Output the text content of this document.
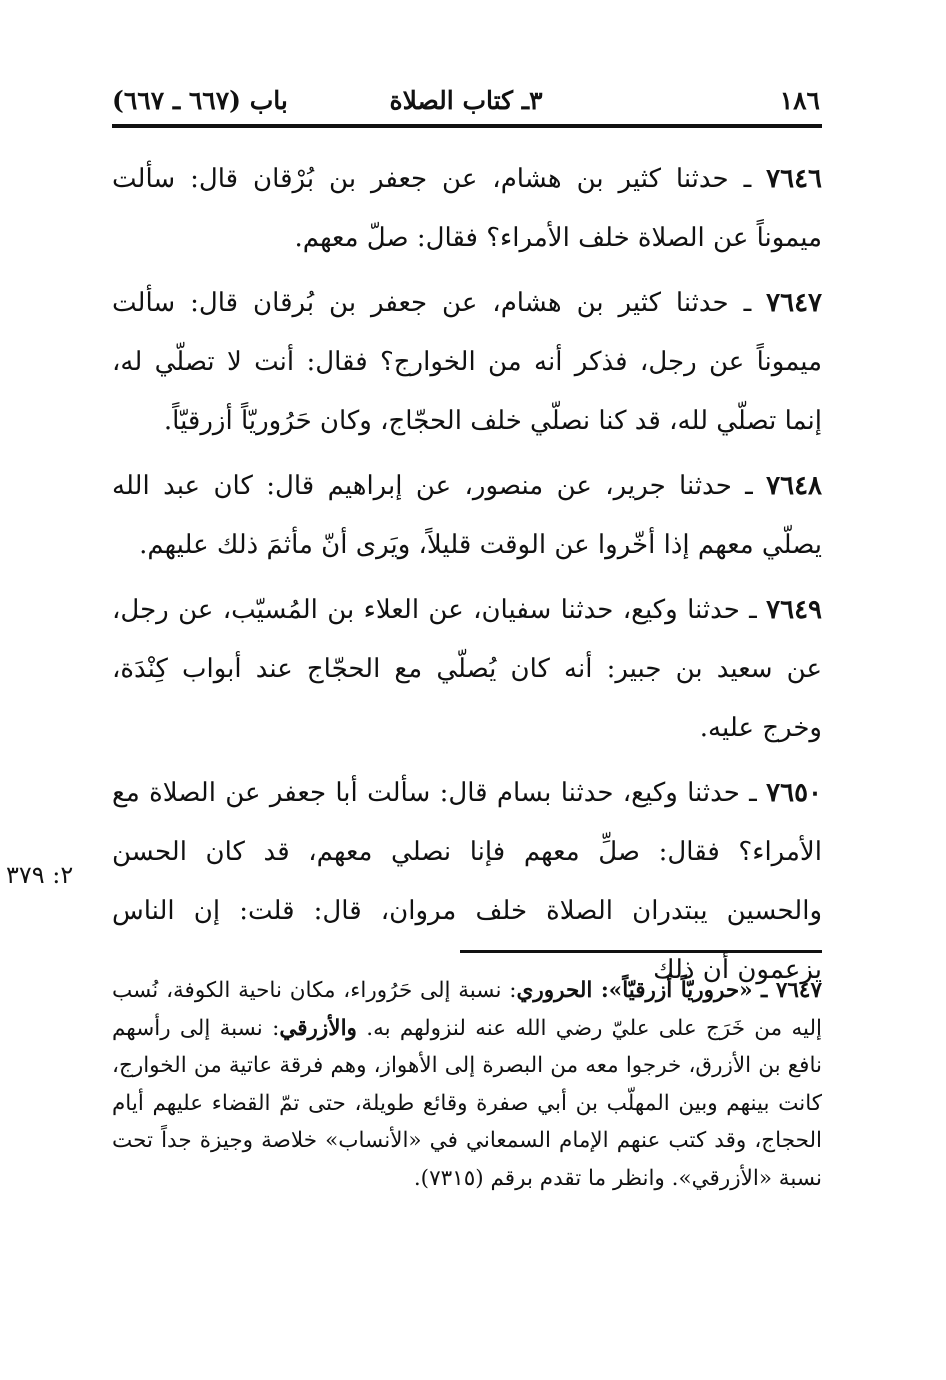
١٨٦
٣ـ كتاب الصلاة
باب (٦٦٧ ـ ٦٦٧)

٧٦٤٦ ـ حدثنا كثير بن هشام، عن جعفر بن بُرْقان قال: سألت ميموناً عن الصلاة خلف الأمراء؟ فقال: صلّ معهم.

٧٦٤٧ ـ حدثنا كثير بن هشام، عن جعفر بن بُرقان قال: سألت ميموناً عن رجل، فذكر أنه من الخوارج؟ فقال: أنت لا تصلّي له، إنما تصلّي لله، قد كنا نصلّي خلف الحجّاج، وكان حَرُوريّاً أزرقيّاً.

٧٦٤٨ ـ حدثنا جرير، عن منصور، عن إبراهيم قال: كان عبد الله يصلّي معهم إذا أخّروا عن الوقت قليلاً، ويَرى أنّ مأثمَ ذلك عليهم.

٧٦٤٩ ـ حدثنا وكيع، حدثنا سفيان، عن العلاء بن المُسيّب، عن رجل، عن سعيد بن جبير: أنه كان يُصلّي مع الحجّاج عند أبواب كِنْدَة، وخرج عليه.

٧٦٥٠ ـ حدثنا وكيع، حدثنا بسام قال: سألت أبا جعفر عن الصلاة مع الأمراء؟ فقال: صلِّ معهم فإنا نصلي معهم، قد كان الحسن والحسين يبتدران الصلاة خلف مروان، قال: قلت: إن الناس يزعمون أن ذلك

٢: ٣٧٩
٧٦٤٧ ـ «حروريّاً أزرقيّاً»: الحروري: نسبة إلى حَرُوراء، مكان ناحية الكوفة، نُسب إليه من خَرَج على عليّ رضي الله عنه لنزولهم به. والأزرقي: نسبة إلى رأسهم نافع بن الأزرق، خرجوا معه من البصرة إلى الأهواز، وهم فرقة عاتية من الخوارج، كانت بينهم وبين المهلّب بن أبي صفرة وقائع طويلة، حتى تمّ القضاء عليهم أيام الحجاج، وقد كتب عنهم الإمام السمعاني في «الأنساب» خلاصة وجيزة جداً تحت نسبة «الأزرقي». وانظر ما تقدم برقم (٧٣١٥).
